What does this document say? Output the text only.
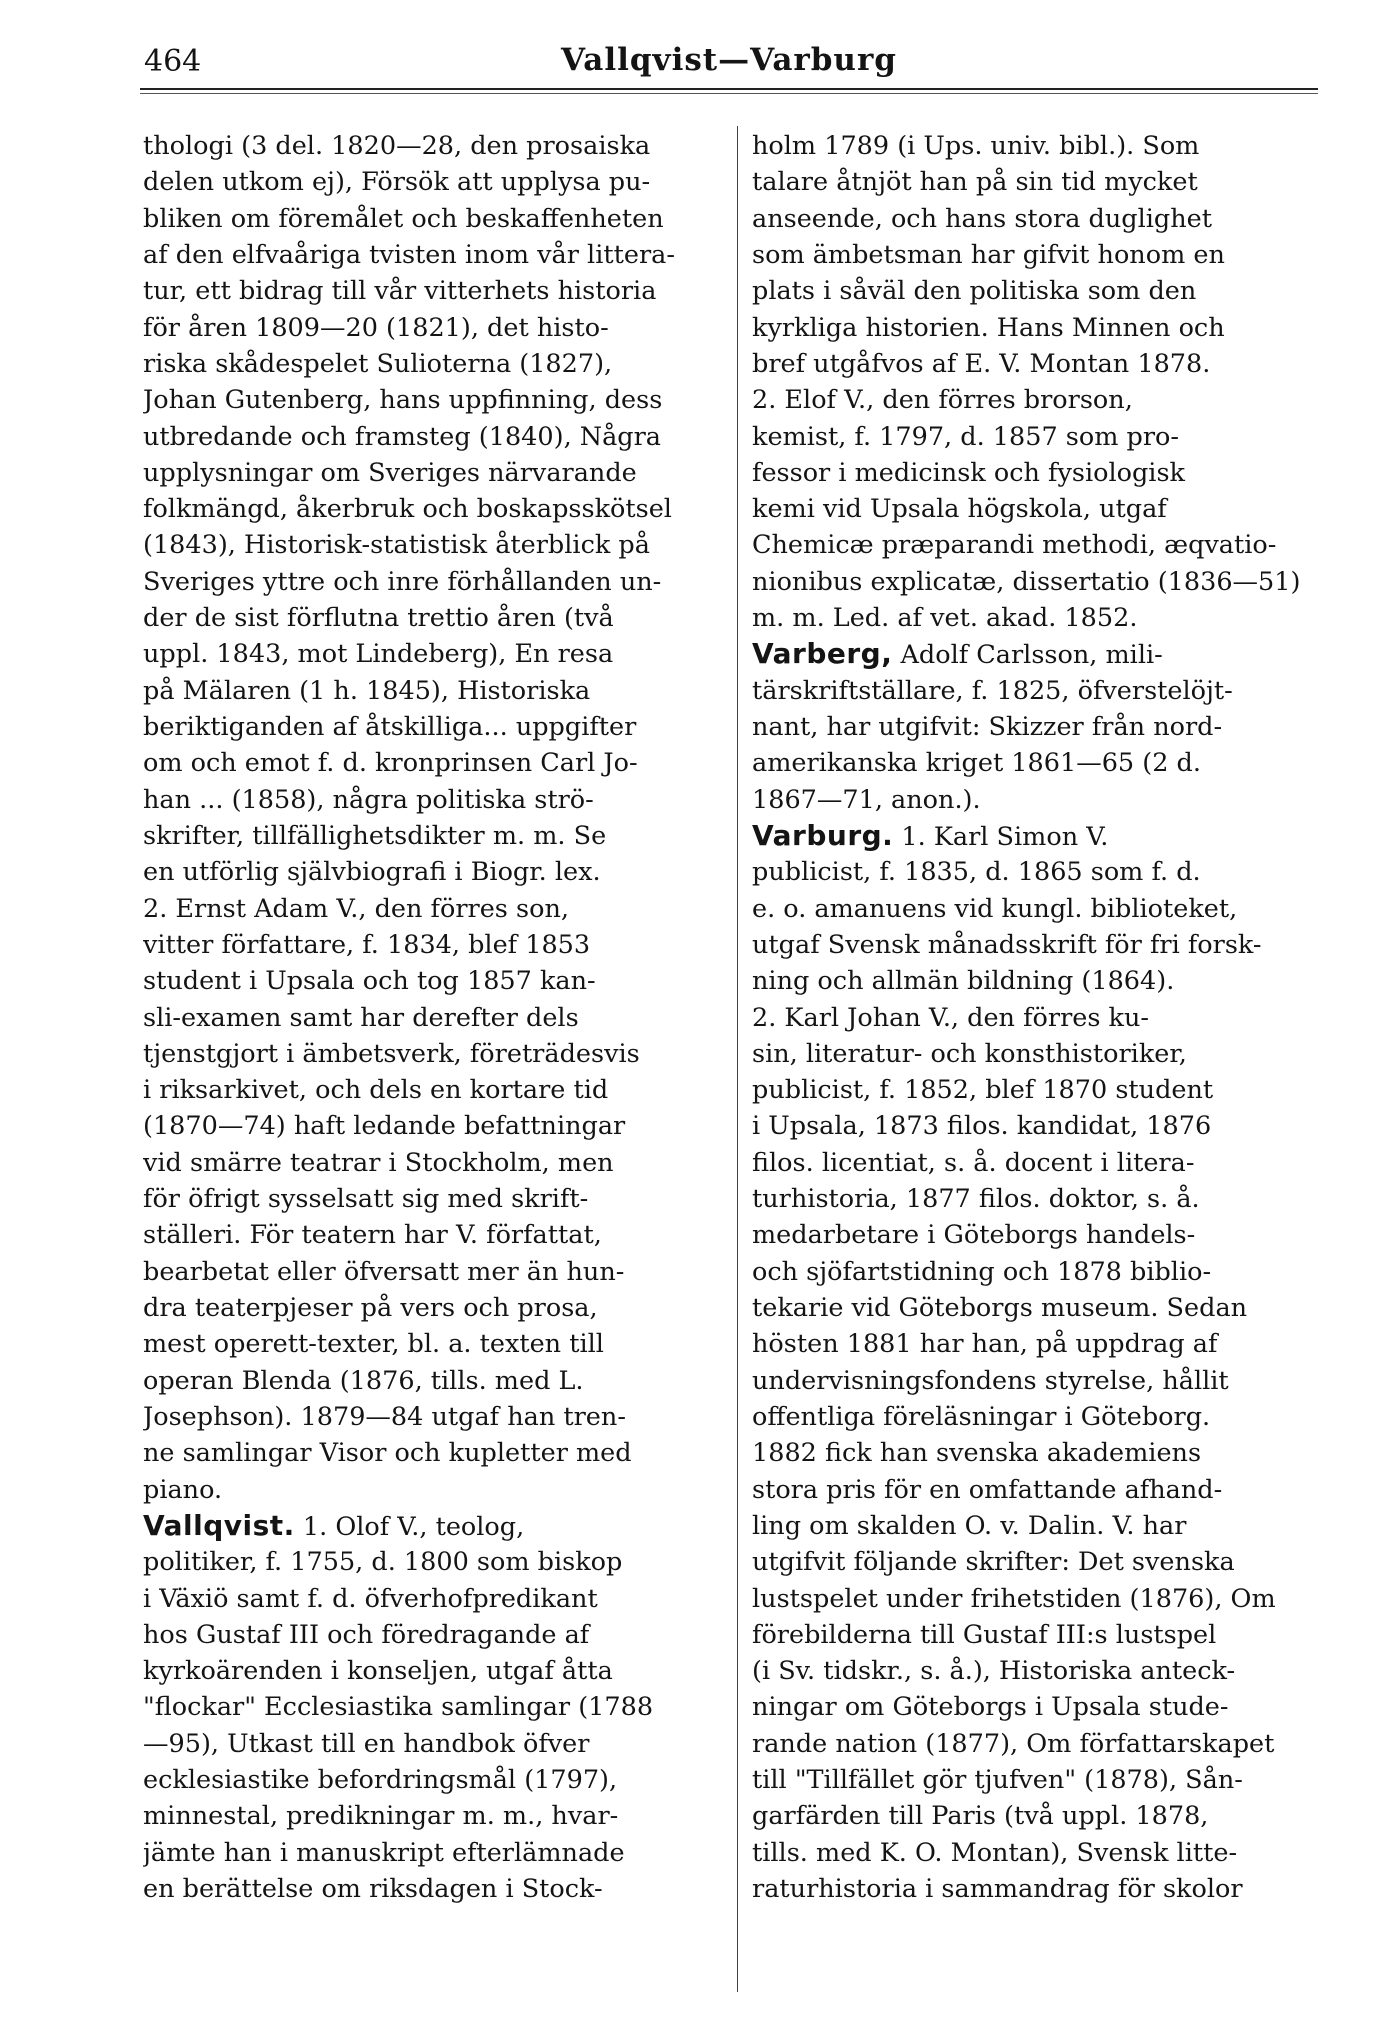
464	Vallqvist—Varburg
thologi (3 del. 1820—28, den prosaiska
delen utkom ej), Försök att upplysa pu-
bliken om föremålet och beskaffenheten
af den elfvaåriga tvisten inom vår littera-
tur, ett bidrag till vår vitterhets historia
för åren 1809—20 (1821), det histo-
riska skådespelet Sulioterna (1827),
Johan Gutenberg, hans uppfinning, dess
utbredande och framsteg (1840), Några
upplysningar om Sveriges närvarande
folkmängd, åkerbruk och boskapsskötsel
(1843), Historisk-statistisk återblick på
Sveriges yttre och inre förhållanden un-
der de sist förflutna trettio åren (två
uppl. 1843, mot Lindeberg), En resa
på Mälaren (1 h. 1845), Historiska
beriktiganden af åtskilliga... uppgifter
om och emot f. d. kronprinsen Carl Jo-
han ... (1858), några politiska strö-
skrifter, tillfällighetsdikter m. m. Se
en utförlig självbiografi i Biogr. lex.
2. Ernst Adam V., den förres son,
vitter författare, f. 1834, blef 1853
student i Upsala och tog 1857 kan-
sli-examen samt har derefter dels
tjenstgjort i ämbetsverk, företrädesvis
i riksarkivet, och dels en kortare tid
(1870—74) haft ledande befattningar
vid smärre teatrar i Stockholm, men
för öfrigt sysselsatt sig med skrift-
ställeri. För teatern har V. författat,
bearbetat eller öfversatt mer än hun-
dra teaterpjeser på vers och prosa,
mest operett-texter, bl. a. texten till
operan Blenda (1876, tills. med L.
Josephson). 1879—84 utgaf han tren-
ne samlingar Visor och kupletter med
piano.
Vallqvist. 1. Olof V., teolog,
politiker, f. 1755, d. 1800 som biskop
i Växiö samt f. d. öfverhofpredikant
hos Gustaf III och föredragande af
kyrkoärenden i konseljen, utgaf åtta
"flockar" Ecclesiastika samlingar (1788
—95), Utkast till en handbok öfver
ecklesiastike befordringsmål (1797),
minnestal, predikningar m. m., hvar-
jämte han i manuskript efterlämnade
en berättelse om riksdagen i Stock-
holm 1789 (i Ups. univ. bibl.). Som
talare åtnjöt han på sin tid mycket
anseende, och hans stora duglighet
som ämbetsman har gifvit honom en
plats i såväl den politiska som den
kyrkliga historien. Hans Minnen och
bref utgåfvos af E. V. Montan 1878.
2. Elof V., den förres brorson,
kemist, f. 1797, d. 1857 som pro-
fessor i medicinsk och fysiologisk
kemi vid Upsala högskola, utgaf
Chemicæ præparandi methodi, æqvatio-
nionibus explicatæ, dissertatio (1836—51)
m. m. Led. af vet. akad. 1852.
Varberg, Adolf Carlsson, mili-
tärskriftställare, f. 1825, öfverstelöjt-
nant, har utgifvit: Skizzer från nord-
amerikanska kriget 1861—65 (2 d.
1867—71, anon.).
Varburg. 1. Karl Simon V.
publicist, f. 1835, d. 1865 som f. d.
e. o. amanuens vid kungl. biblioteket,
utgaf Svensk månadsskrift för fri forsk-
ning och allmän bildning (1864).
2. Karl Johan V., den förres ku-
sin, literatur- och konsthistoriker,
publicist, f. 1852, blef 1870 student
i Upsala, 1873 filos. kandidat, 1876
filos. licentiat, s. å. docent i litera-
turhistoria, 1877 filos. doktor, s. å.
medarbetare i Göteborgs handels-
och sjöfartstidning och 1878 biblio-
tekarie vid Göteborgs museum. Sedan
hösten 1881 har han, på uppdrag af
undervisningsfondens styrelse, hållit
offentliga föreläsningar i Göteborg.
1882 fick han svenska akademiens
stora pris för en omfattande afhand-
ling om skalden O. v. Dalin. V. har
utgifvit följande skrifter: Det svenska
lustspelet under frihetstiden (1876), Om
förebilderna till Gustaf III:s lustspel
(i Sv. tidskr., s. å.), Historiska anteck-
ningar om Göteborgs i Upsala stude-
rande nation (1877), Om författarskapet
till "Tillfället gör tjufven" (1878), Sån-
garfärden till Paris (två uppl. 1878,
tills. med K. O. Montan), Svensk litte-
raturhistoria i sammandrag för skolor
